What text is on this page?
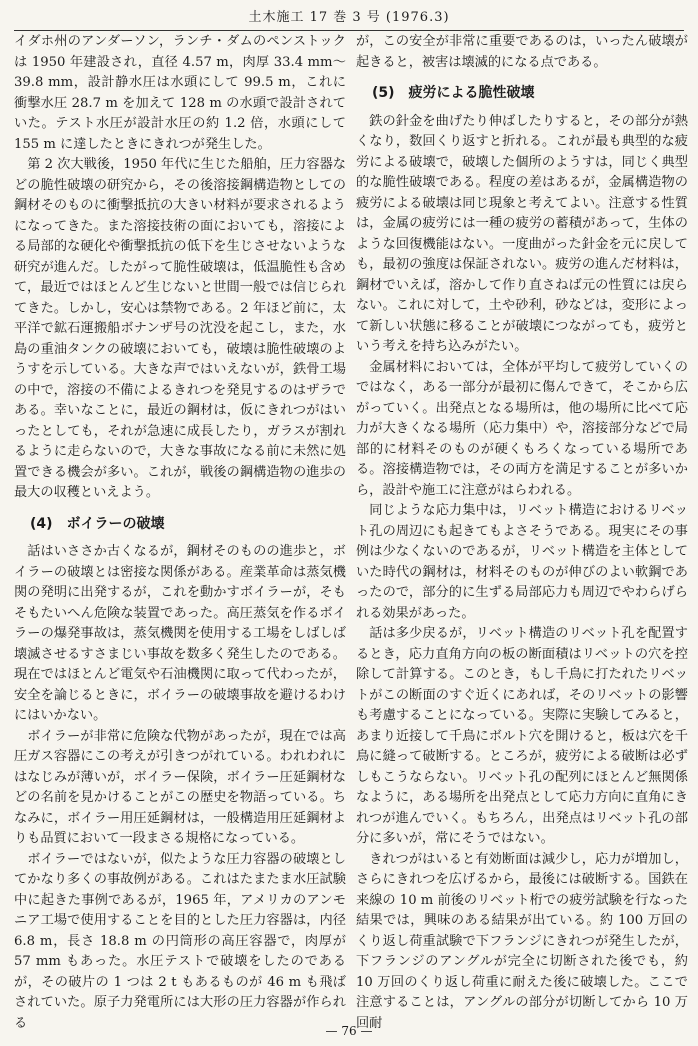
土木施工 17 巻 3 号 (1976.3)

イダホ州のアンダーソン，ランチ・ダムのペンストックは 1950 年建設され，直径 4.57 m，肉厚 33.4 mm～39.8 mm，設計静水圧は水頭にして 99.5 m，これに衝撃水圧 28.7 m を加えて 128 m の水頭で設計されていた。テスト水圧が設計水圧の約 1.2 倍，水頭にして 155 m に達したときにきれつが発生した。

第 2 次大戦後，1950 年代に生じた船舶，圧力容器などの脆性破壊の研究から，その後溶接鋼構造物としての鋼材そのものに衝撃抵抗の大きい材料が要求されるようになってきた。また溶接技術の面においても，溶接による局部的な硬化や衝撃抵抗の低下を生じさせないような研究が進んだ。したがって脆性破壊は，低温脆性も含めて，最近ではほとんど生じないと世間一般では信じられてきた。しかし，安心は禁物である。2 年ほど前に，太平洋で鉱石運搬船ボナンザ号の沈没を起こし，また，水島の重油タンクの破壊においても，破壊は脆性破壊のようすを示している。大きな声ではいえないが，鉄骨工場の中で，溶接の不備によるきれつを発見するのはザラである。幸いなことに，最近の鋼材は，仮にきれつがはいったとしても，それが急速に成長したり，ガラスが割れるように走らないので，大きな事故になる前に未然に処置できる機会が多い。これが，戦後の鋼構造物の進歩の最大の収穫といえよう。

(4)　ボイラーの破壊

話はいささか古くなるが，鋼材そのものの進歩と，ボイラーの破壊とは密接な関係がある。産業革命は蒸気機関の発明に出発するが，これを動かすボイラーが，そもそもたいへん危険な装置であった。高圧蒸気を作るボイラーの爆発事故は，蒸気機関を使用する工場をしばしば壊滅させるすさまじい事故を数多く発生したのである。現在ではほとんど電気や石油機関に取って代わったが，安全を論じるときに，ボイラーの破壊事故を避けるわけにはいかない。

ボイラーが非常に危険な代物があったが，現在では高圧ガス容器にこの考えが引きつがれている。われわれにはなじみが薄いが，ボイラー保険，ボイラー圧延鋼材などの名前を見かけることがこの歴史を物語っている。ちなみに，ボイラー用圧延鋼材は，一般構造用圧延鋼材よりも品質において一段まさる規格になっている。

ボイラーではないが，似たような圧力容器の破壊としてかなり多くの事故例がある。これはたまたま水圧試験中に起きた事例であるが，1965 年，アメリカのアンモニア工場で使用することを目的とした圧力容器は，内径 6.8 m，長さ 18.8 m の円筒形の高圧容器で，肉厚が 57 mm もあった。水圧テストで破壊をしたのであるが，その破片の 1 つは 2 t もあるものが 46 m も飛ばされていた。原子力発電所には大形の圧力容器が作られる

が，この安全が非常に重要であるのは，いったん破壊が起きると，被害は壊滅的になる点である。

(5)　疲労による脆性破壊

鉄の針金を曲げたり伸ばしたりすると，その部分が熱くなり，数回くり返すと折れる。これが最も典型的な疲労による破壊で，破壊した個所のようすは，同じく典型的な脆性破壊である。程度の差はあるが，金属構造物の疲労による破壊は同じ現象と考えてよい。注意する性質は，金属の疲労には一種の疲労の蓄積があって，生体のような回復機能はない。一度曲がった針金を元に戻しても，最初の強度は保証されない。疲労の進んだ材料は，鋼材でいえば，溶かして作り直さねば元の性質には戻らない。これに対して，土や砂利，砂などは，変形によって新しい状態に移ることが破壊につながっても，疲労という考えを持ち込みがたい。

金属材料においては，全体が平均して疲労していくのではなく，ある一部分が最初に傷んできて，そこから広がっていく。出発点となる場所は，他の場所に比べて応力が大きくなる場所（応力集中）や，溶接部分などで局部的に材料そのものが硬くもろくなっている場所である。溶接構造物では，その両方を満足することが多いから，設計や施工に注意がはらわれる。

同じような応力集中は，リベット構造におけるリベット孔の周辺にも起きてもよさそうである。現実にその事例は少なくないのであるが，リベット構造を主体としていた時代の鋼材は，材料そのものが伸びのよい軟鋼であったので，部分的に生ずる局部応力も周辺でやわらげられる効果があった。

話は多少戻るが，リベット構造のリベット孔を配置するとき，応力直角方向の板の断面積はリベットの穴を控除して計算する。このとき，もし千鳥に打たれたリベットがこの断面のすぐ近くにあれば，そのリベットの影響も考慮することになっている。実際に実験してみると，あまり近接して千鳥にボルト穴を開けると，板は穴を千鳥に縫って破断する。ところが，疲労による破断は必ずしもこうならない。リベット孔の配列にほとんど無関係なように，ある場所を出発点として応力方向に直角にきれつが進んでいく。もちろん，出発点はリベット孔の部分に多いが，常にそうではない。

きれつがはいると有効断面は減少し，応力が増加し，さらにきれつを広げるから，最後には破断する。国鉄在来線の 10 m 前後のリベット桁での疲労試験を行なった結果では，興味のある結果が出ている。約 100 万回のくり返し荷重試験で下フランジにきれつが発生したが，下フランジのアングルが完全に切断された後でも，約 10 万回のくり返し荷重に耐えた後に破壊した。ここで注意することは，アングルの部分が切断してから 10 万回耐

— 76 —
